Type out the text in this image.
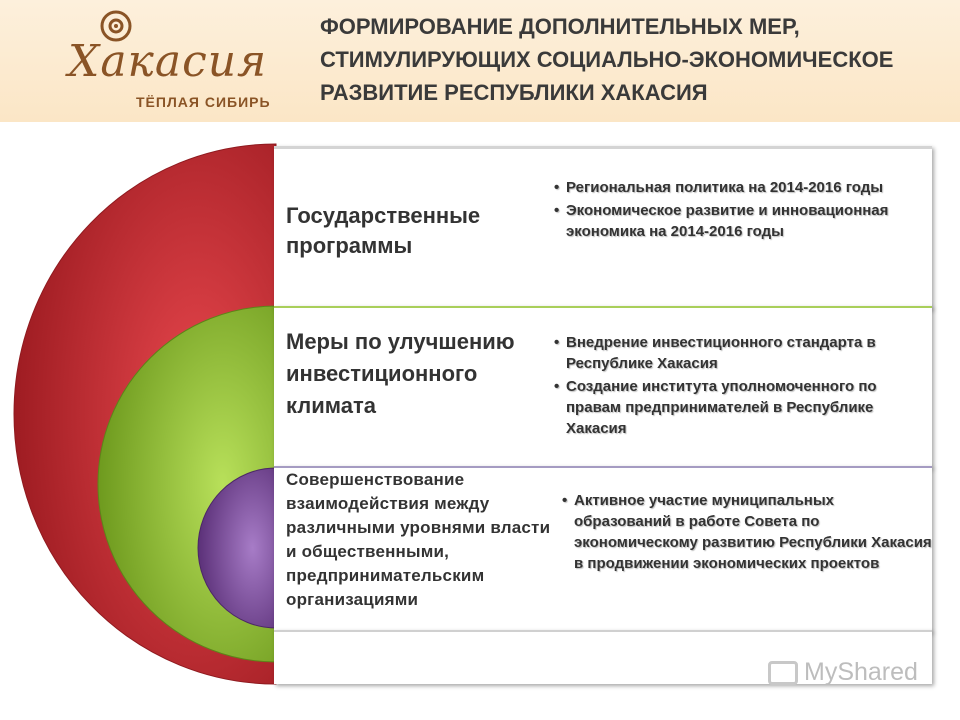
Хакасия
ТЁПЛАЯ СИБИРЬ
ФОРМИРОВАНИЕ ДОПОЛНИТЕЛЬНЫХ МЕР,
СТИМУЛИРУЮЩИХ СОЦИАЛЬНО-ЭКОНОМИЧЕСКОЕ
РАЗВИТИЕ РЕСПУБЛИКИ ХАКАСИЯ
Государственные программы
• Региональная политика на 2014-2016 годы
• Экономическое развитие и инновационная экономика на 2014-2016 годы
Меры по улучшению инвестиционного климата
• Внедрение инвестиционного стандарта в Республике Хакасия
• Создание института уполномоченного по правам предпринимателей в Республике Хакасия
Совершенствование взаимодействия между различными уровнями власти и общественными, предпринимательским организациями
• Активное участие муниципальных образований в работе Совета по экономическому развитию Республики Хакасия в продвижении экономических проектов
MyShared
